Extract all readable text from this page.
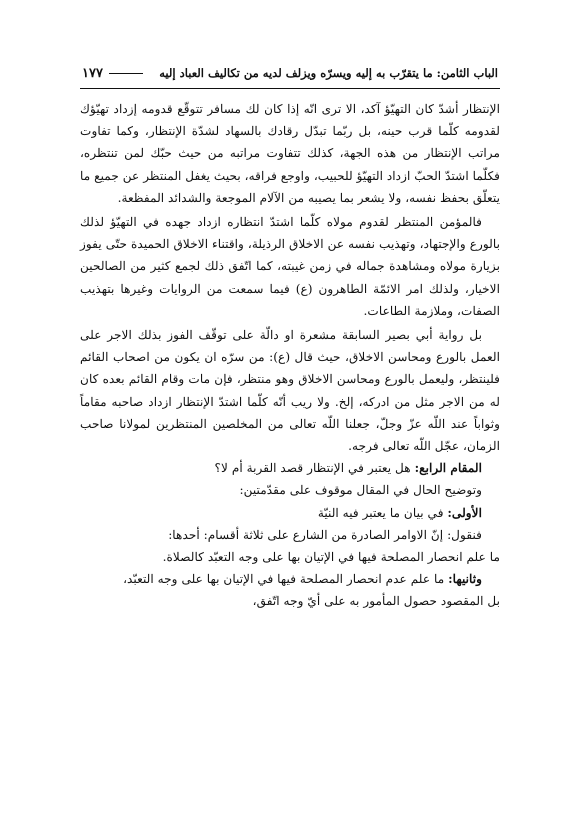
الباب الثامن: ما يتقرّب به إليه ويسرّه ويزلف لديه من تكاليف العباد إليه
١٧٧

الإنتظار أشدّ كان التهيّؤ آكد، الا ترى انّه إذا كان لك مسافر تتوقّع قدومه إزداد تهيّؤك لقدومه كلّما قرب حينه، بل ربّما تبدّل رقادك بالسهاد لشدّة الإنتظار، وكما تفاوت مراتب الإنتظار من هذه الجهة، كذلك تتفاوت مراتبه من حيث حبّك لمن تنتظره، فكلّما اشتدّ الحبّ ازداد التهيّؤ للحبيب، واوجع فراقه، بحيث يغفل المنتظر عن جميع ما يتعلّق بحفظ نفسه، ولا يشعر بما يصيبه من الآلام الموجعة والشدائد المفظعة.

فالمؤمن المنتظر لقدوم مولاه كلّما اشتدّ انتظاره ازداد جهده في التهيّؤ لذلك بالورع والإجتهاد، وتهذيب نفسه عن الاخلاق الرذيلة، واقتناء الاخلاق الحميدة حتّى يفوز بزيارة مولاه ومشاهدة جماله في زمن غيبته، كما اتّفق ذلك لجمع كثير من الصالحين الاخيار، ولذلك امر الائمّة الطاهرون (ع) فيما سمعت من الروايات وغيرها بتهذيب الصفات، وملازمة الطاعات.

بل رواية أبي بصير السابقة مشعرة او دالّة على توقّف الفوز بذلك الاجر على العمل بالورع ومحاسن الاخلاق، حيث قال (ع): من سرّه ان يكون من اصحاب القائم فلينتظر، وليعمل بالورع ومحاسن الاخلاق وهو منتظر، فإن مات وقام القائم بعده كان له من الاجر مثل من ادركه، إلخ. ولا ريب أنّه كلّما اشتدّ الإنتظار ازداد صاحبه مقاماً وثواباً عند اللّه عزّ وجلّ، جعلنا اللّه تعالى من المخلصين المنتظرين لمولانا صاحب الزمان، عجّل اللّه تعالى فرجه.

المقام الرابع: هل يعتبر في الإنتظار قصد القربة أم لا؟

وتوضيح الحال في المقال موقوف على مقدّمتين:

الأولى: في بيان ما يعتبر فيه النيّة

فنقول: إنّ الاوامر الصادرة من الشارع على ثلاثة أقسام: أحدها:

ما علم انحصار المصلحة فيها في الإتيان بها على وجه التعبّد كالصلاة.

وثانيها: ما علم عدم انحصار المصلحة فيها في الإتيان بها على وجه التعبّد،

بل المقصود حصول المأمور به على أيّ وجه اتّفق،
